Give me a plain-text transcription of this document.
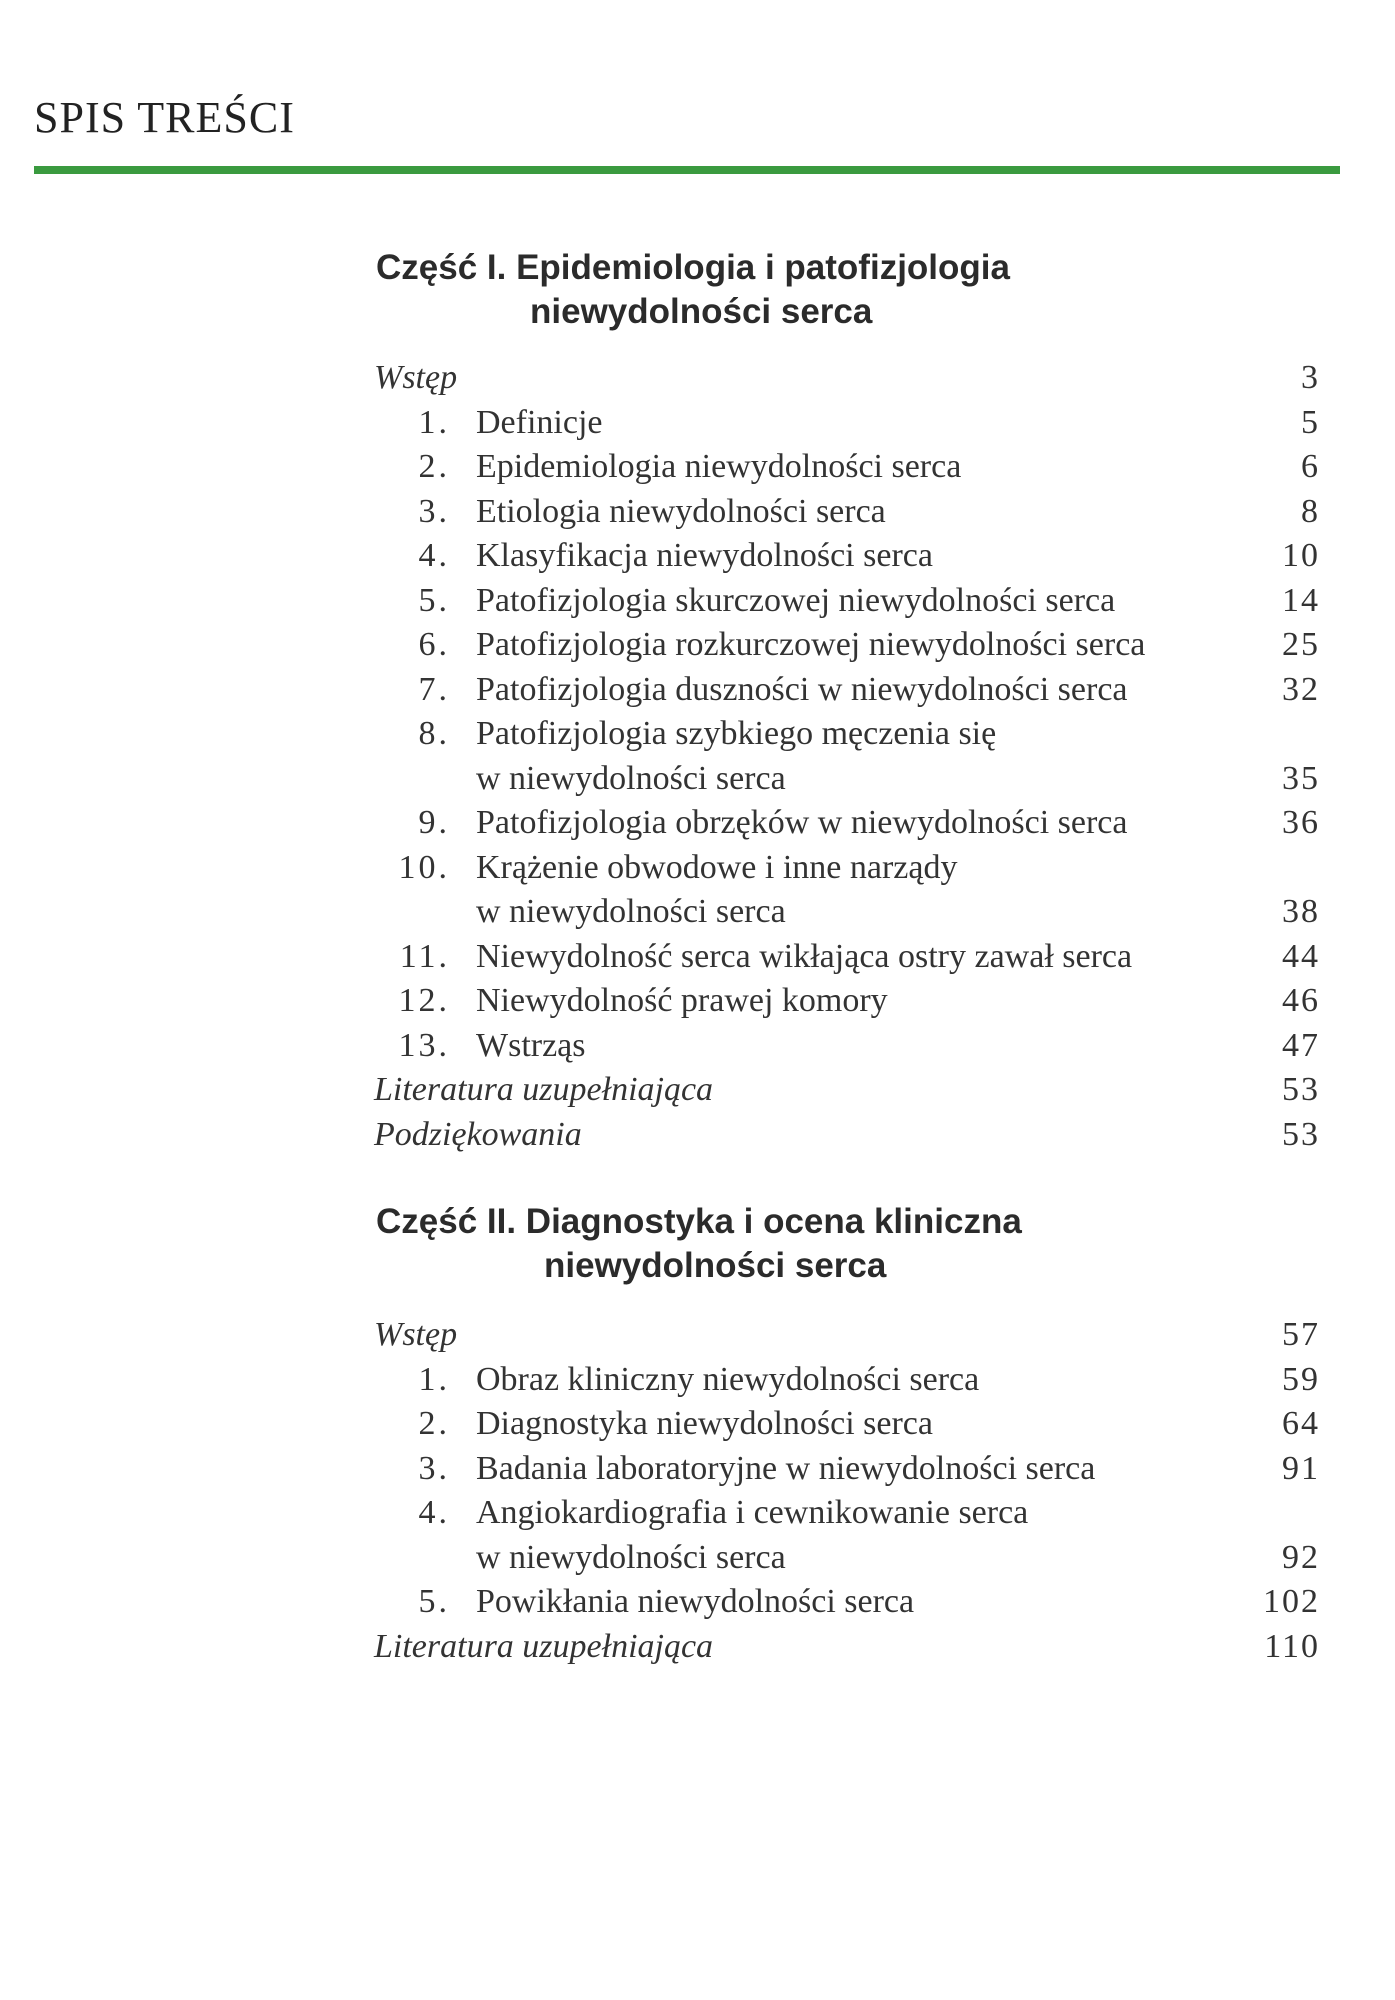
SPIS TREŚCI
Część I. Epidemiologia i patofizjologia
niewydolności serca
Wstęp	3
1. Definicje	5
2. Epidemiologia niewydolności serca	6
3. Etiologia niewydolności serca	8
4. Klasyfikacja niewydolności serca	10
5. Patofizjologia skurczowej niewydolności serca	14
6. Patofizjologia rozkurczowej niewydolności serca	25
7. Patofizjologia duszności w niewydolności serca	32
8. Patofizjologia szybkiego męczenia się
w niewydolności serca	35
9. Patofizjologia obrzęków w niewydolności serca	36
10. Krążenie obwodowe i inne narządy
w niewydolności serca	38
11. Niewydolność serca wikłająca ostry zawał serca	44
12. Niewydolność prawej komory	46
13. Wstrząs	47
Literatura uzupełniająca	53
Podziękowania	53
Część II. Diagnostyka i ocena kliniczna
niewydolności serca
Wstęp	57
1. Obraz kliniczny niewydolności serca	59
2. Diagnostyka niewydolności serca	64
3. Badania laboratoryjne w niewydolności serca	91
4. Angiokardiografia i cewnikowanie serca
w niewydolności serca	92
5. Powikłania niewydolności serca	102
Literatura uzupełniająca	110
